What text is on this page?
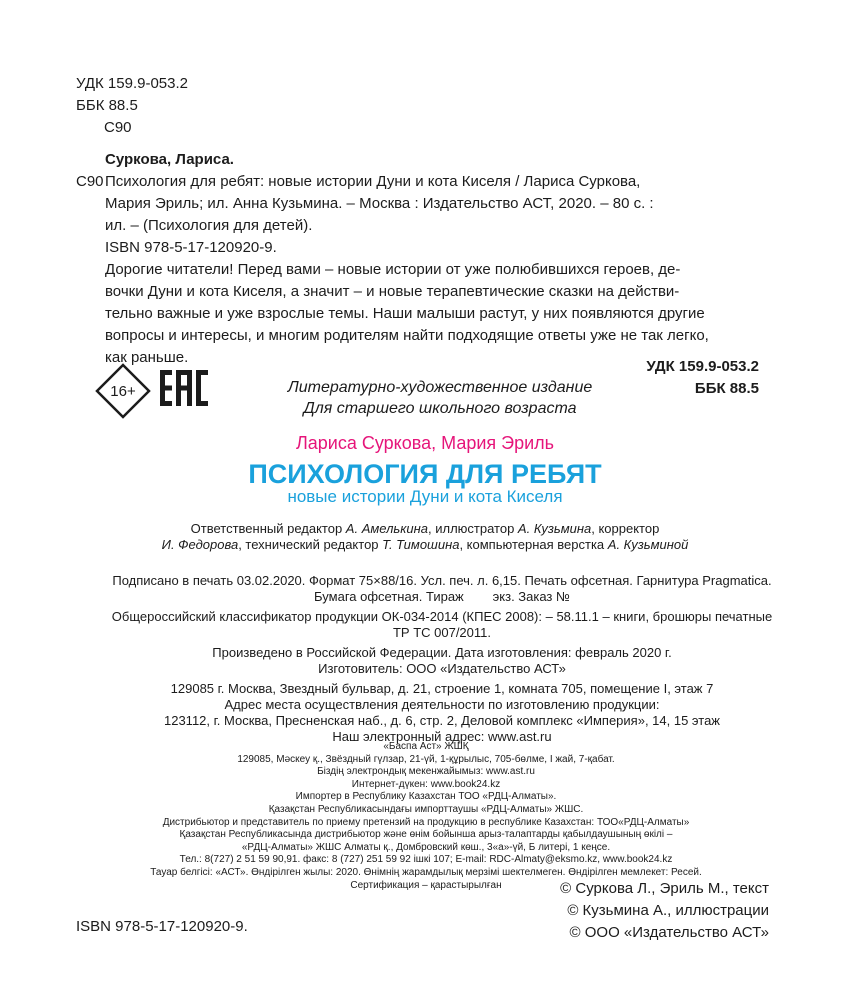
УДК 159.9-053.2
ББК 88.5
С90
Суркова, Лариса.
С90Психология для ребят: новые истории Дуни и кота Киселя / Лариса Суркова,
Мария Эриль; ил. Анна Кузьмина. – Москва : Издательство АСТ, 2020. – 80 с. :
ил. – (Психология для детей).
ISBN 978-5-17-120920-9.
Дорогие читатели! Перед вами – новые истории от уже полюбившихся героев, де-
вочки Дуни и кота Киселя, а значит – и новые терапевтические сказки на действи-
тельно важные и уже взрослые темы. Наши малыши растут, у них появляются другие
вопросы и интересы, и многим родителям найти подходящие ответы уже не так легко,
как раньше.
УДК 159.9-053.2
ББК 88.5
16+	Литературно-художественное издание
Для старшего школьного возраста
Лариса Суркова, Мария Эриль
ПСИХОЛОГИЯ ДЛЯ РЕБЯТ
новые истории Дуни и кота Киселя
Ответственный редактор А. Амелькина, иллюстратор А. Кузьмина, корректор
И. Федорова, технический редактор Т. Тимошина, компьютерная верстка А. Кузьминой
Подписано в печать 03.02.2020. Формат 75×88/16. Усл. печ. л. 6,15. Печать офсетная. Гарнитура Pragmatica.
Бумага офсетная. Тираж        экз. Заказ №
Общероссийский классификатор продукции ОК-034-2014 (КПЕС 2008): – 58.11.1 – книги, брошюры печатные
ТР ТС 007/2011.
Произведено в Российской Федерации. Дата изготовления: февраль 2020 г.
Изготовитель: ООО «Издательство АСТ»
129085 г. Москва, Звездный бульвар, д. 21, строение 1, комната 705, помещение I, этаж 7
Адрес места осуществления деятельности по изготовлению продукции:
123112, г. Москва, Пресненская наб., д. 6, стр. 2, Деловой комплекс «Империя», 14, 15 этаж
Наш электронный адрес: www.ast.ru
«Баспа Аст» ЖШҚ
129085, Мәскеу қ., Звёздный гүлзар, 21-үй, 1-құрылыс, 705-бөлме, I жай, 7-қабат.
Біздің электрондық мекенжайымыз: www.ast.ru
Интернет-дүкен: www.book24.kz
Импортер в Республику Казахстан ТОО «РДЦ-Алматы».
Қазақстан Республикасындағы импорттаушы «РДЦ-Алматы» ЖШС.
Дистрибьютор и представитель по приему претензий на продукцию в республике Казахстан: ТОО«РДЦ-Алматы»
Қазақстан Республикасында дистрибьютор және өнім бойынша арыз-талаптарды қабылдаушының өкілі –
«РДЦ-Алматы» ЖШС Алматы қ., Домбровский көш., 3«а»-үй, Б литері, 1 кеңсе.
Тел.: 8(727) 2 51 59 90,91. факс: 8 (727) 251 59 92 ішкі 107; E-mail: RDC-Almaty@eksmo.kz, www.book24.kz
Тауар белгісі: «АСТ». Өндірілген жылы: 2020. Өнімнің жарамдылық мерзімі шектелмеген. Өндірілген мемлекет: Ресей.
Сертификация – қарастырылған	© Суркова Л., Эриль М., текст
© Кузьмина А., иллюстрации
© ООО «Издательство АСТ»
ISBN 978-5-17-120920-9.
